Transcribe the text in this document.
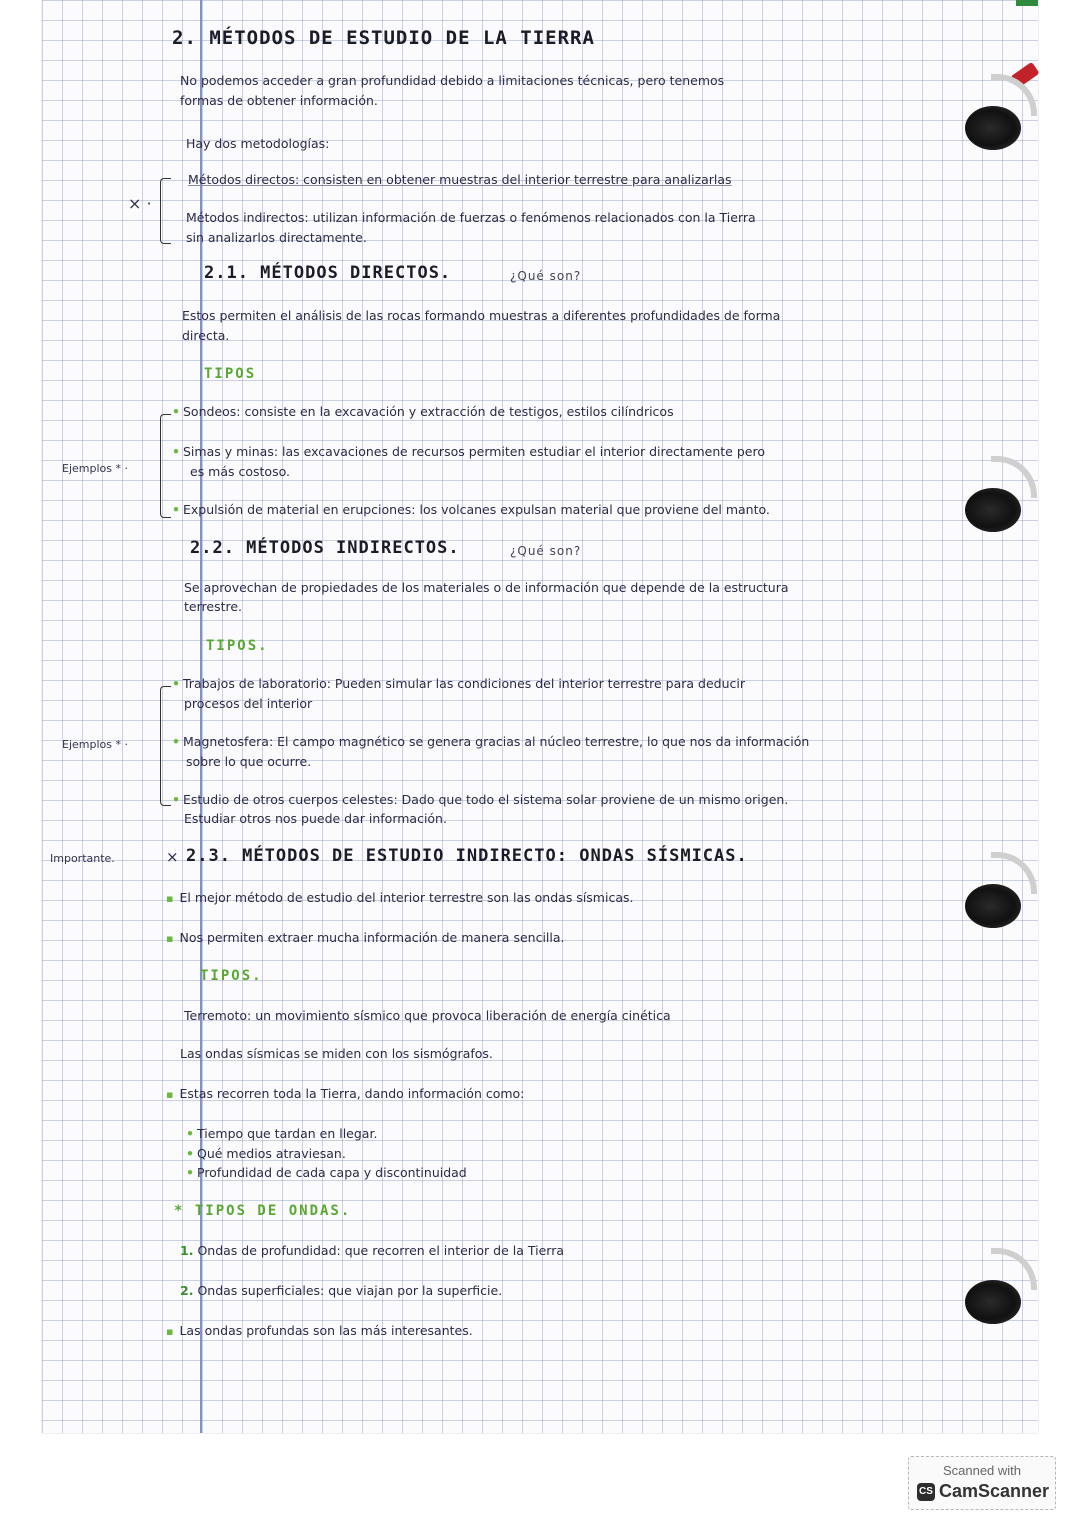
2. MÉTODOS DE ESTUDIO DE LA TIERRA
No podemos acceder a gran profundidad debido a limitaciones técnicas, pero tenemos
formas de obtener información.
Hay dos metodologías:
× ·
Métodos directos: consisten en obtener muestras del interior terrestre para analizarlas
Métodos indirectos: utilizan información de fuerzas o fenómenos relacionados con la Tierra
sin analizarlos directamente.
2.1. MÉTODOS DIRECTOS.	¿Qué son?
Estos permiten el análisis de las rocas formando muestras a diferentes profundidades de forma
directa.
TIPOS
Ejemplos * ·
• Sondeos: consiste en la excavación y extracción de testigos, estilos cilíndricos
• Simas y minas: las excavaciones de recursos permiten estudiar el interior directamente pero
es más costoso.
• Expulsión de material en erupciones: los volcanes expulsan material que proviene del manto.
2.2. MÉTODOS INDIRECTOS.	¿Qué son?
Se aprovechan de propiedades de los materiales o de información que depende de la estructura
terrestre.
TIPOS.
Ejemplos * ·
• Trabajos de laboratorio: Pueden simular las condiciones del interior terrestre para deducir
procesos del interior
• Magnetosfera: El campo magnético se genera gracias al núcleo terrestre, lo que nos da información
sobre lo que ocurre.
• Estudio de otros cuerpos celestes: Dado que todo el sistema solar proviene de un mismo origen.
Estudiar otros nos puede dar información.
Importante.	× 2.3. MÉTODOS DE ESTUDIO INDIRECTO: ONDAS SÍSMICAS.
▪ El mejor método de estudio del interior terrestre son las ondas sísmicas.
▪ Nos permiten extraer mucha información de manera sencilla.
TIPOS.
Terremoto: un movimiento sísmico que provoca liberación de energía cinética
Las ondas sísmicas se miden con los sismógrafos.
▪ Estas recorren toda la Tierra, dando información como:
• Tiempo que tardan en llegar.
• Qué medios atraviesan.
• Profundidad de cada capa y discontinuidad
* TIPOS DE ONDAS.
1. Ondas de profundidad: que recorren el interior de la Tierra
2. Ondas superficiales: que viajan por la superficie.
▪ Las ondas profundas son las más interesantes.
Scanned with
CS CamScanner
